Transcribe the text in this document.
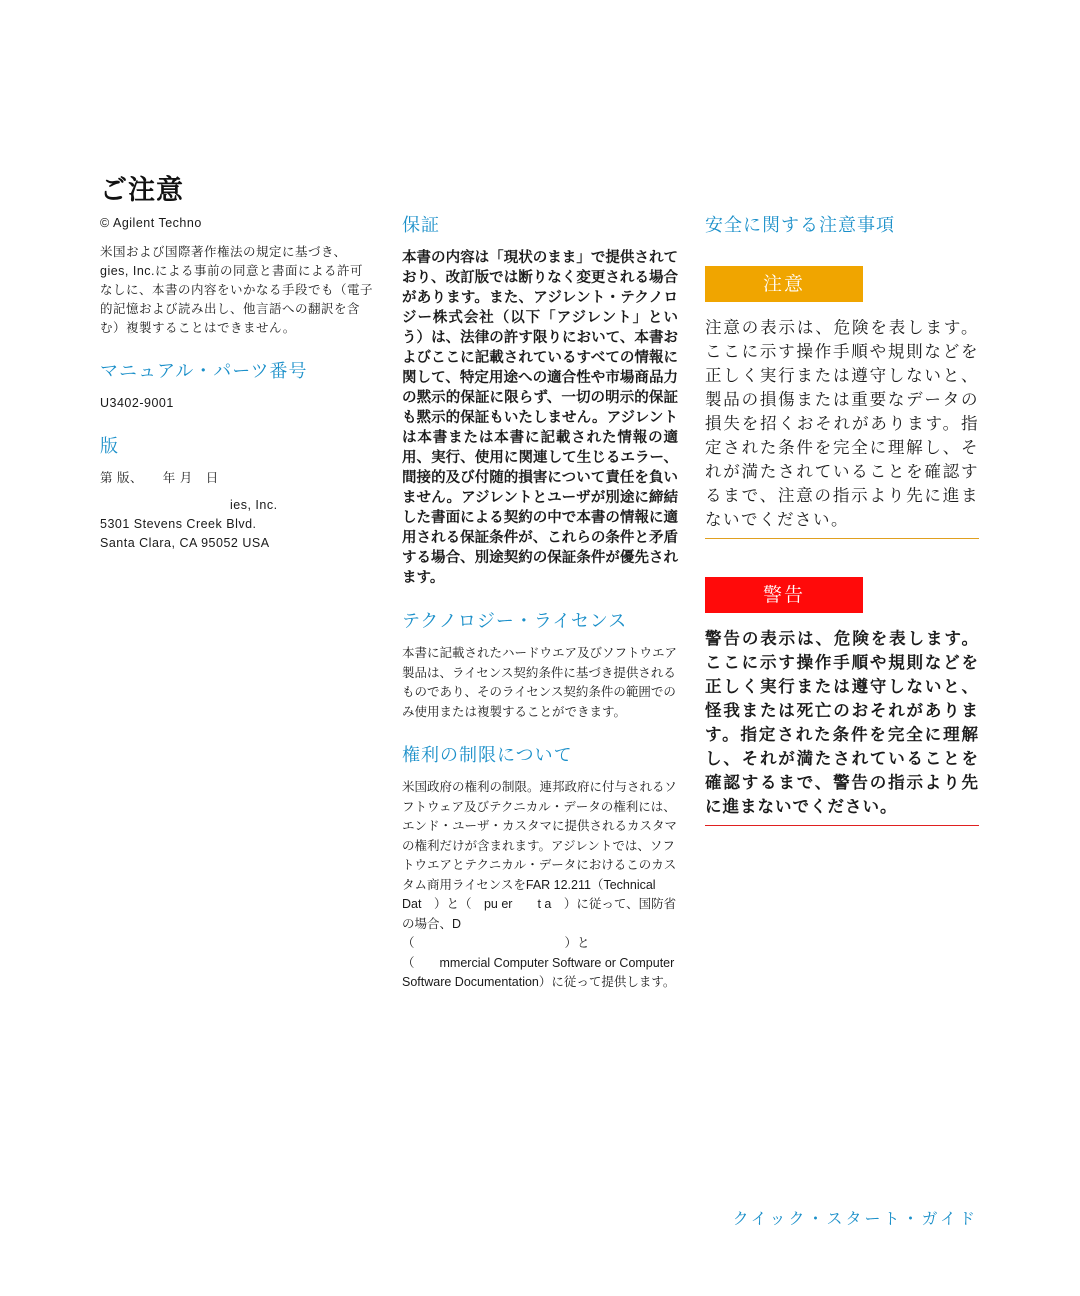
ご注意

© Agilent Techno

米国および国際著作権法の規定に基づき、　　　　　　gies, Inc.による事前の同意と書面による許可なしに、本書の内容をいかなる手段でも（電子的記憶および読み出し、他言語への翻訳を含む）複製することはできません。

マニュアル・パーツ番号

U3402-9001

版

第 版、　　年 月　日

ies, Inc.

5301 Stevens Creek Blvd.

Santa Clara, CA 95052 USA

保証

本書の内容は「現状のまま」で提供されており、改訂版では断りなく変更される場合があります。また、アジレント・テクノロジー株式会社（以下「アジレント」という）は、法律の許す限りにおいて、本書およびここに記載されているすべての情報に関して、特定用途への適合性や市場商品力の黙示的保証に限らず、一切の明示的保証も黙示的保証もいたしません。アジレントは本書または本書に記載された情報の適用、実行、使用に関連して生じるエラー、間接的及び付随的損害について責任を負いません。アジレントとユーザが別途に締結した書面による契約の中で本書の情報に適用される保証条件が、これらの条件と矛盾する場合、別途契約の保証条件が優先されます。

テクノロジー・ライセンス

本書に記載されたハードウエア及びソフトウエア製品は、ライセンス契約条件に基づき提供されるものであり、そのライセンス契約条件の範囲でのみ使用または複製することができます。

権利の制限について

米国政府の権利の制限。連邦政府に付与されるソフトウェア及びテクニカル・データの権利には、エンド・ユーザ・カスタマに提供されるカスタマの権利だけが含まれます。アジレントでは、ソフトウエアとテクニカル・データにおけるこのカスタム商用ライセンスをFAR 12.211（Technical Dat　）と（　pu er　　t a　）に従って、国防省の場合、D　　　　　　　　　（　　　　　　　　　　　　）と　　　　　　　　　（　　mmercial Computer Software or Computer Software Documentation）に従って提供します。

安全に関する注意事項
注意

注意の表示は、危険を表します。ここに示す操作手順や規則などを正しく実行または遵守しないと、製品の損傷または重要なデータの損失を招くおそれがあります。指定された条件を完全に理解し、それが満たされていることを確認するまで、注意の指示より先に進まないでください。

警告

警告の表示は、危険を表します。ここに示す操作手順や規則などを正しく実行または遵守しないと、怪我または死亡のおそれがあります。指定された条件を完全に理解し、それが満たされていることを確認するまで、警告の指示より先に進まないでください。

クイック・スタート・ガイド
